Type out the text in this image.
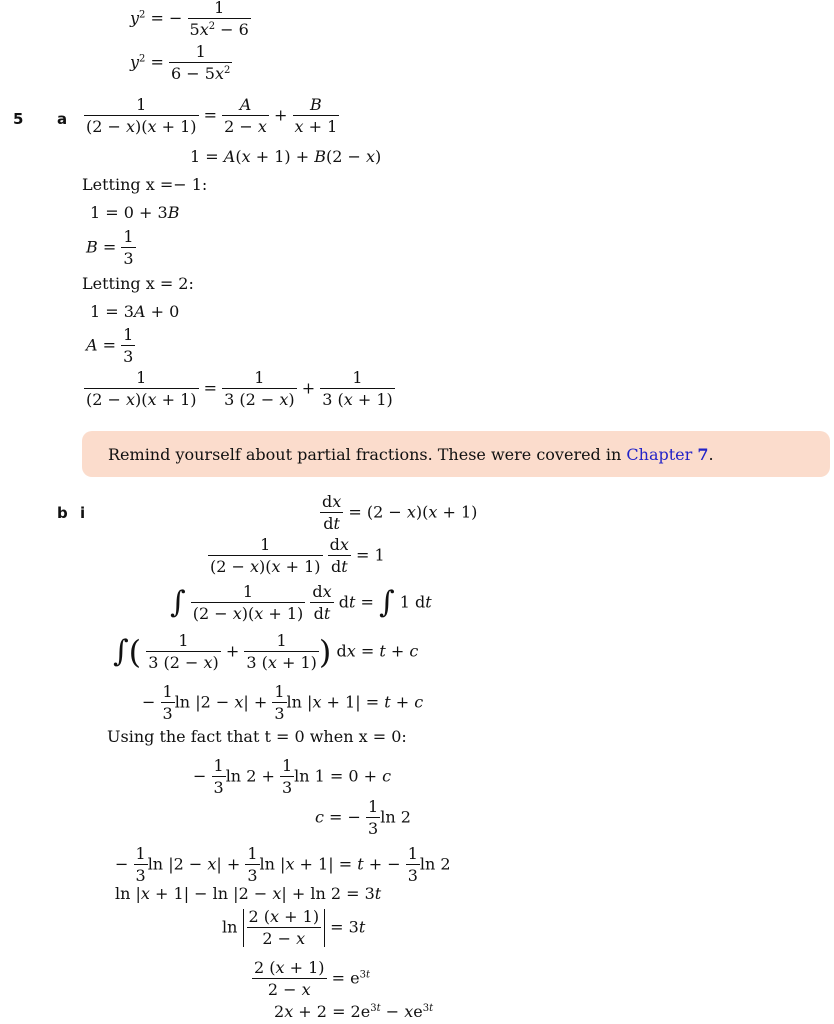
$y^2$ = − $\frac{1}{5x^2 - 6}$
$y^2 = \frac{1}{6 - 5x^2}$
5 a $\frac{1}{(2 - x)(x + 1)} = \frac{A}{2 - x} + \frac{B}{x + 1}$
1 = A(x + 1) + B(2 − x)
Letting x =− 1:
1 = 0 + 3B
$B = \frac{1}{3}$
Letting x = 2:
1 = 3A + 0
$A = \frac{1}{3}$
$\frac{1}{(2 - x)(x + 1)} = \frac{1}{3 (2 - x)} + \frac{1}{3 (x + 1)}$
Remind yourself about partial fractions. These were covered in Chapter 7.
b i	$\frac{dx}{dt} = (2 - x)(x + 1)$
$\frac{1}{(2 - x)(x + 1)}$
$\frac{dx}{dt} = 1$
∫ $\frac{1}{(2 - x)(x + 1)}$
$\frac{dx}{dt}$ dt = ∫ 1 dt
∫( $\frac{1}{3 (2 - x)} + \frac{1}{3 (x + 1)}$ ) dx = t + c
− $\frac{1}{3}$ $\ln |2 - x| + \frac{1}{3}$ ln |x + 1| = t + c
Using the fact that t = 0 when x = 0:
− $\frac{1}{3}$ $\ln 2 + \frac{1}{3}$ ln 1 = 0 + c
c = − $\frac{1}{3}$ ln 2
− $\frac{1}{3}$ $\ln |2 - x| + \frac{1}{3}$ ln |x + 1| = t + − $\frac{1}{3}$ ln 2
ln |x + 1| − ln |2 − x| + ln 2 = 3t
$\ln \frac{2 (x + 1)}{2 - x} = 3t$
$\frac{2 (x + 1)}{2 - x} = e^{3t}$
$2x + 2 = 2e^{3t} - xe^{3t}$
